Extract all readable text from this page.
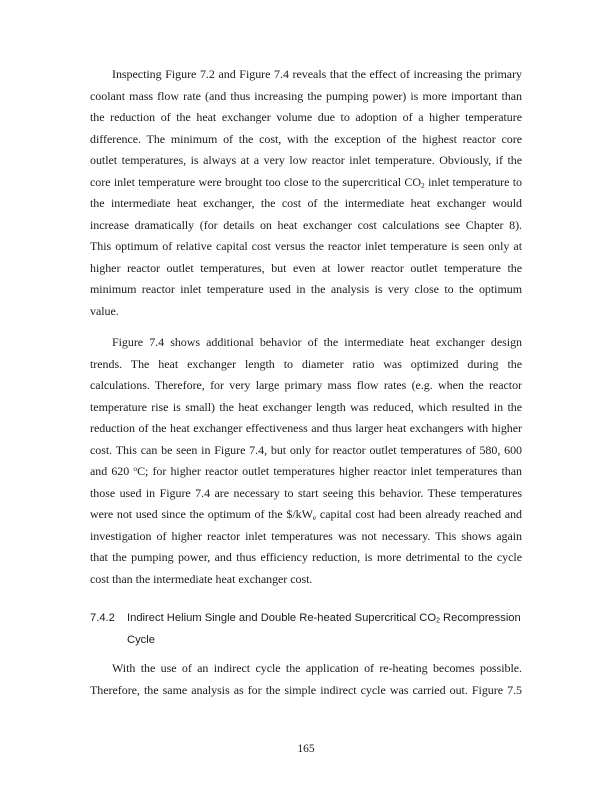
Inspecting Figure 7.2 and Figure 7.4 reveals that the effect of increasing the primary
coolant mass flow rate (and thus increasing the pumping power) is more important than
the reduction of the heat exchanger volume due to adoption of a higher temperature
difference. The minimum of the cost, with the exception of the highest reactor core
outlet temperatures, is always at a very low reactor inlet temperature. Obviously, if the
core inlet temperature were brought too close to the supercritical $CO_2$ inlet temperature to
the intermediate heat exchanger, the cost of the intermediate heat exchanger would
increase dramatically (for details on heat exchanger cost calculations see Chapter 8).
This optimum of relative capital cost versus the reactor inlet temperature is seen only at
higher reactor outlet temperatures, but even at lower reactor outlet temperature the
minimum reactor inlet temperature used in the analysis is very close to the optimum
value.
Figure 7.4 shows additional behavior of the intermediate heat exchanger design
trends. The heat exchanger length to diameter ratio was optimized during the
calculations. Therefore, for very large primary mass flow rates (e.g. when the reactor
temperature rise is small) the heat exchanger length was reduced, which resulted in the
reduction of the heat exchanger effectiveness and thus larger heat exchangers with higher
cost. This can be seen in Figure 7.4, but only for reactor outlet temperatures of 580, 600
and 620 $^o$C; for higher reactor outlet temperatures higher reactor inlet temperatures than
those used in Figure 7.4 are necessary to start seeing this behavior. These temperatures
were not used since the optimum of the $\$/kW_e$ capital cost had been already reached and
investigation of higher reactor inlet temperatures was not necessary. This shows again
that the pumping power, and thus efficiency reduction, is more detrimental to the cycle
cost than the intermediate heat exchanger cost.
7.4.2	Indirect Helium Single and Double Re-heated Supercritical $CO_2$ Recompression
Cycle
With the use of an indirect cycle the application of re-heating becomes possible.
Therefore, the same analysis as for the simple indirect cycle was carried out. Figure 7.5
165
